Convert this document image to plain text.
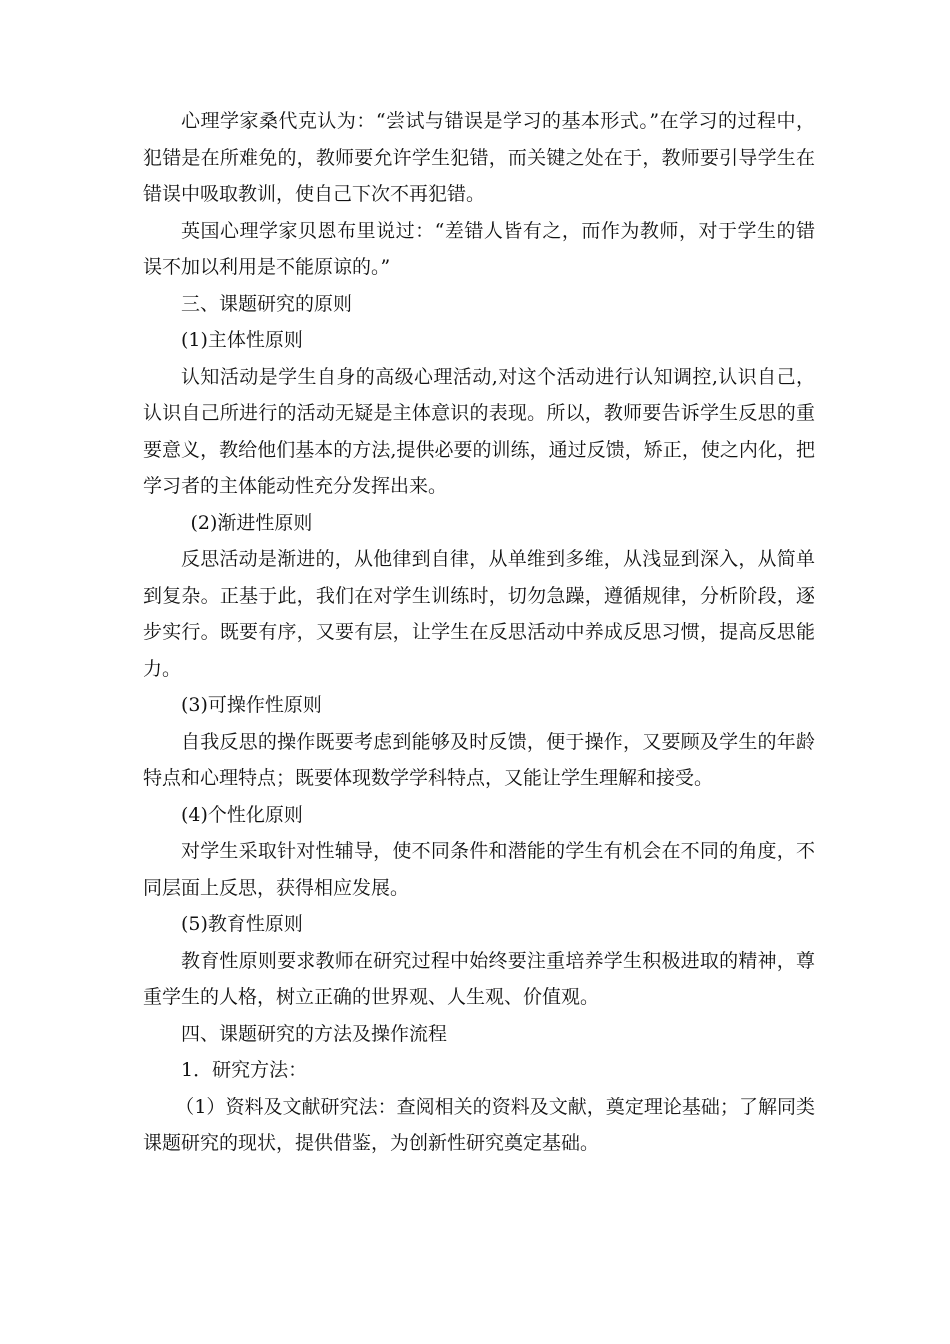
心理学家桑代克认为：“尝试与错误是学习的基本形式。”在学习的过程中，犯错是在所难免的，教师要允许学生犯错，而关键之处在于，教师要引导学生在错误中吸取教训，使自己下次不再犯错。

英国心理学家贝恩布里说过：“差错人皆有之，而作为教师，对于学生的错误不加以利用是不能原谅的。”

三、课题研究的原则

(1)主体性原则

认知活动是学生自身的高级心理活动,对这个活动进行认知调控,认识自己，认识自己所进行的活动无疑是主体意识的表现。所以，教师要告诉学生反思的重要意义，教给他们基本的方法,提供必要的训练，通过反馈，矫正，使之内化，把学习者的主体能动性充分发挥出来。

(2)渐进性原则

反思活动是渐进的，从他律到自律，从单维到多维，从浅显到深入，从简单到复杂。正基于此，我们在对学生训练时，切勿急躁，遵循规律，分析阶段，逐步实行。既要有序，又要有层，让学生在反思活动中养成反思习惯，提高反思能力。

(3)可操作性原则

自我反思的操作既要考虑到能够及时反馈，便于操作，又要顾及学生的年龄特点和心理特点；既要体现数学学科特点，又能让学生理解和接受。

(4)个性化原则

对学生采取针对性辅导，使不同条件和潜能的学生有机会在不同的角度，不同层面上反思，获得相应发展。

(5)教育性原则

教育性原则要求教师在研究过程中始终要注重培养学生积极进取的精神，尊重学生的人格，树立正确的世界观、人生观、价值观。

四、课题研究的方法及操作流程

1．研究方法：

（1）资料及文献研究法：查阅相关的资料及文献，奠定理论基础；了解同类课题研究的现状，提供借鉴，为创新性研究奠定基础。
